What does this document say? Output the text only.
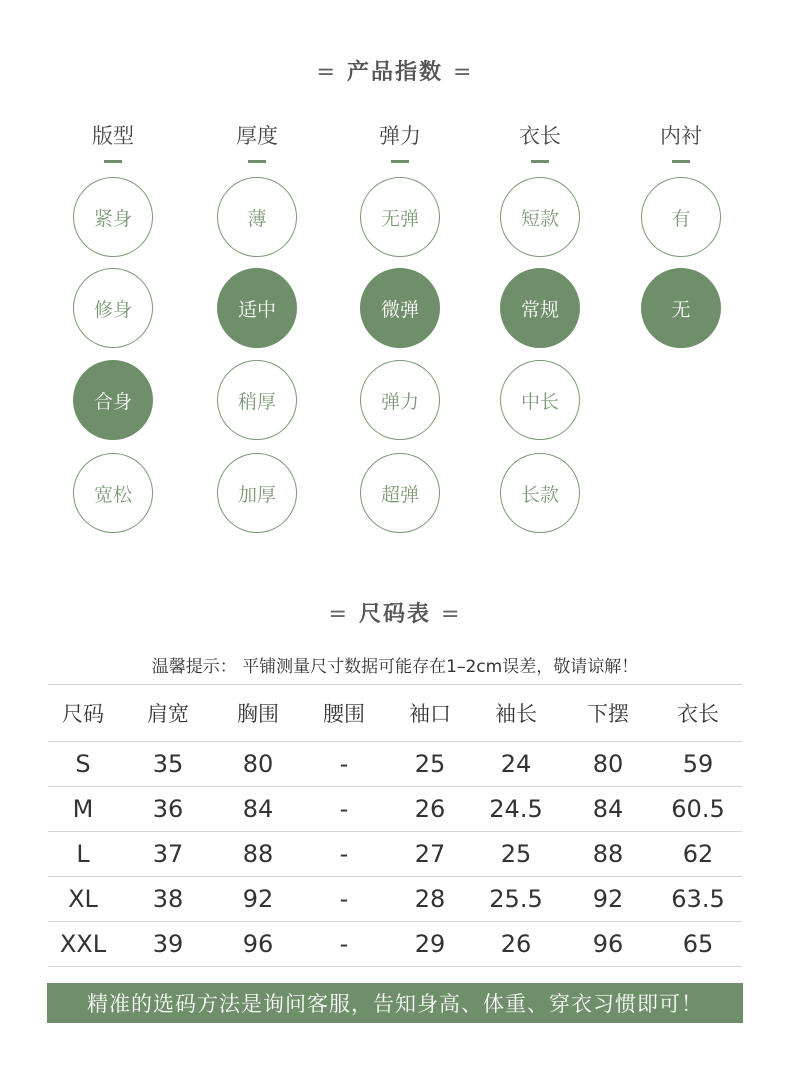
= 产品指数 =
版型
紧身
修身
合身
宽松
厚度
薄
适中
稍厚
加厚
弹力
无弹
微弹
弹力
超弹
衣长
短款
常规
中长
长款
内衬
有
无
= 尺码表 =
温馨提示： 平铺测量尺寸数据可能存在1–2cm误差，敬请谅解！
尺码	肩宽	胸围	腰围	袖口	袖长	下摆	衣长
S	35	80	-	25	24	80	59
M	36	84	-	26	24.5	84	60.5
L	37	88	-	27	25	88	62
XL	38	92	-	28	25.5	92	63.5
XXL	39	96	-	29	26	96	65
精准的选码方法是询问客服，告知身高、体重、穿衣习惯即可！
